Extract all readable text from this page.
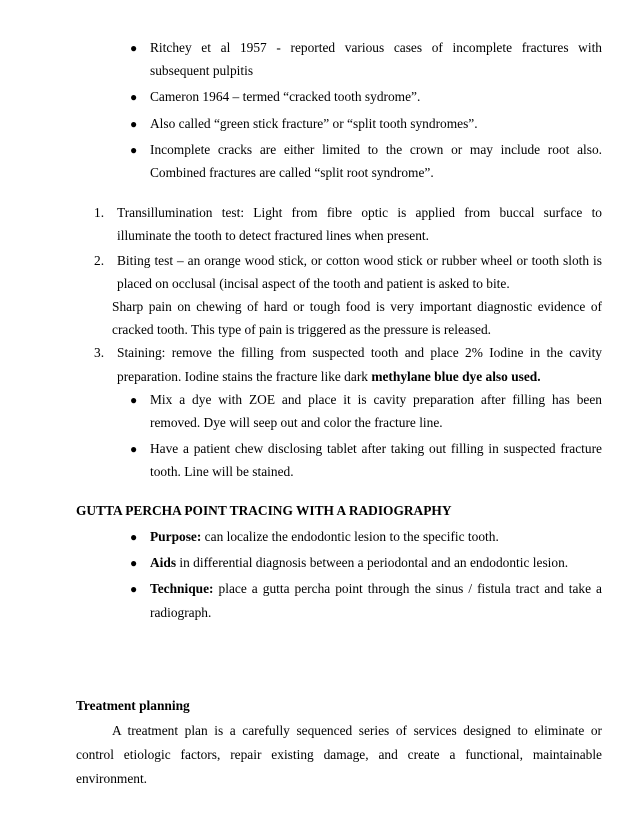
● Ritchey et al 1957 - reported various cases of incomplete fractures with
subsequent pulpitis
● Cameron 1964 – termed “cracked tooth sydrome”.
● Also called “green stick fracture” or “split tooth syndromes”.
● Incomplete cracks are either limited to the crown or may include root also.
Combined fractures are called “split root syndrome”.
1. Transillumination test: Light from fibre optic is applied from buccal surface to
illuminate the tooth to detect fractured lines when present.
2. Biting test – an orange wood stick, or cotton wood stick or rubber wheel or tooth sloth is
placed on occlusal (incisal aspect of the tooth and patient is asked to bite.
Sharp pain on chewing of hard or tough food is very important diagnostic evidence of
cracked tooth. This type of pain is triggered as the pressure is released.
3. Staining: remove the filling from suspected tooth and place 2% Iodine in the cavity
preparation. Iodine stains the fracture like dark methylane blue dye also used.
● Mix a dye with ZOE and place it is cavity preparation after filling has been
removed. Dye will seep out and color the fracture line.
● Have a patient chew disclosing tablet after taking out filling in suspected fracture
tooth. Line will be stained.
GUTTA PERCHA POINT TRACING WITH A RADIOGRAPHY
● Purpose: can localize the endodontic lesion to the specific tooth.
● Aids in differential diagnosis between a periodontal and an endodontic lesion.
● Technique: place a gutta percha point through the sinus / fistula tract and take a
radiograph.
Treatment planning
A treatment plan is a carefully sequenced series of services designed to eliminate or
control etiologic factors, repair existing damage, and create a functional, maintainable
environment.
